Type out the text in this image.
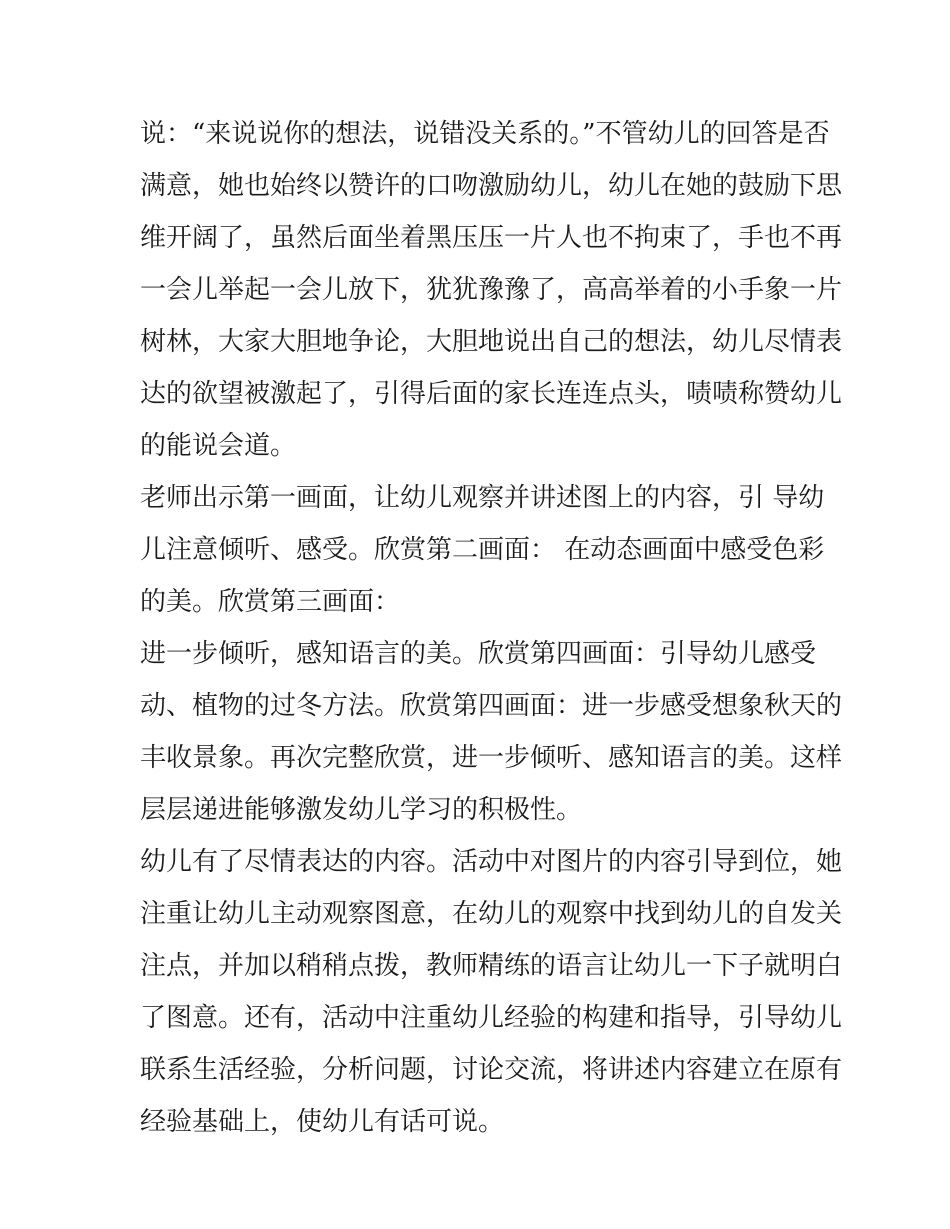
说：“来说说你的想法，说错没关系的。”不管幼儿的回答是否
满意，她也始终以赞许的口吻激励幼儿，幼儿在她的鼓励下思
维开阔了，虽然后面坐着黑压压一片人也不拘束了，手也不再
一会儿举起一会儿放下，犹犹豫豫了，高高举着的小手象一片
树林，大家大胆地争论，大胆地说出自己的想法，幼儿尽情表
达的欲望被激起了，引得后面的家长连连点头，啧啧称赞幼儿
的能说会道。
老师出示第一画面，让幼儿观察并讲述图上的内容，引 导幼
儿注意倾听、感受。欣赏第二画面： 在动态画面中感受色彩
的美。欣赏第三画面：
进一步倾听，感知语言的美。欣赏第四画面：引导幼儿感受
动、植物的过冬方法。欣赏第四画面：进一步感受想象秋天的
丰收景象。再次完整欣赏，进一步倾听、感知语言的美。这样
层层递进能够激发幼儿学习的积极性。
幼儿有了尽情表达的内容。活动中对图片的内容引导到位，她
注重让幼儿主动观察图意，在幼儿的观察中找到幼儿的自发关
注点，并加以稍稍点拨，教师精练的语言让幼儿一下子就明白
了图意。还有，活动中注重幼儿经验的构建和指导，引导幼儿
联系生活经验，分析问题，讨论交流，将讲述内容建立在原有
经验基础上，使幼儿有话可说。
